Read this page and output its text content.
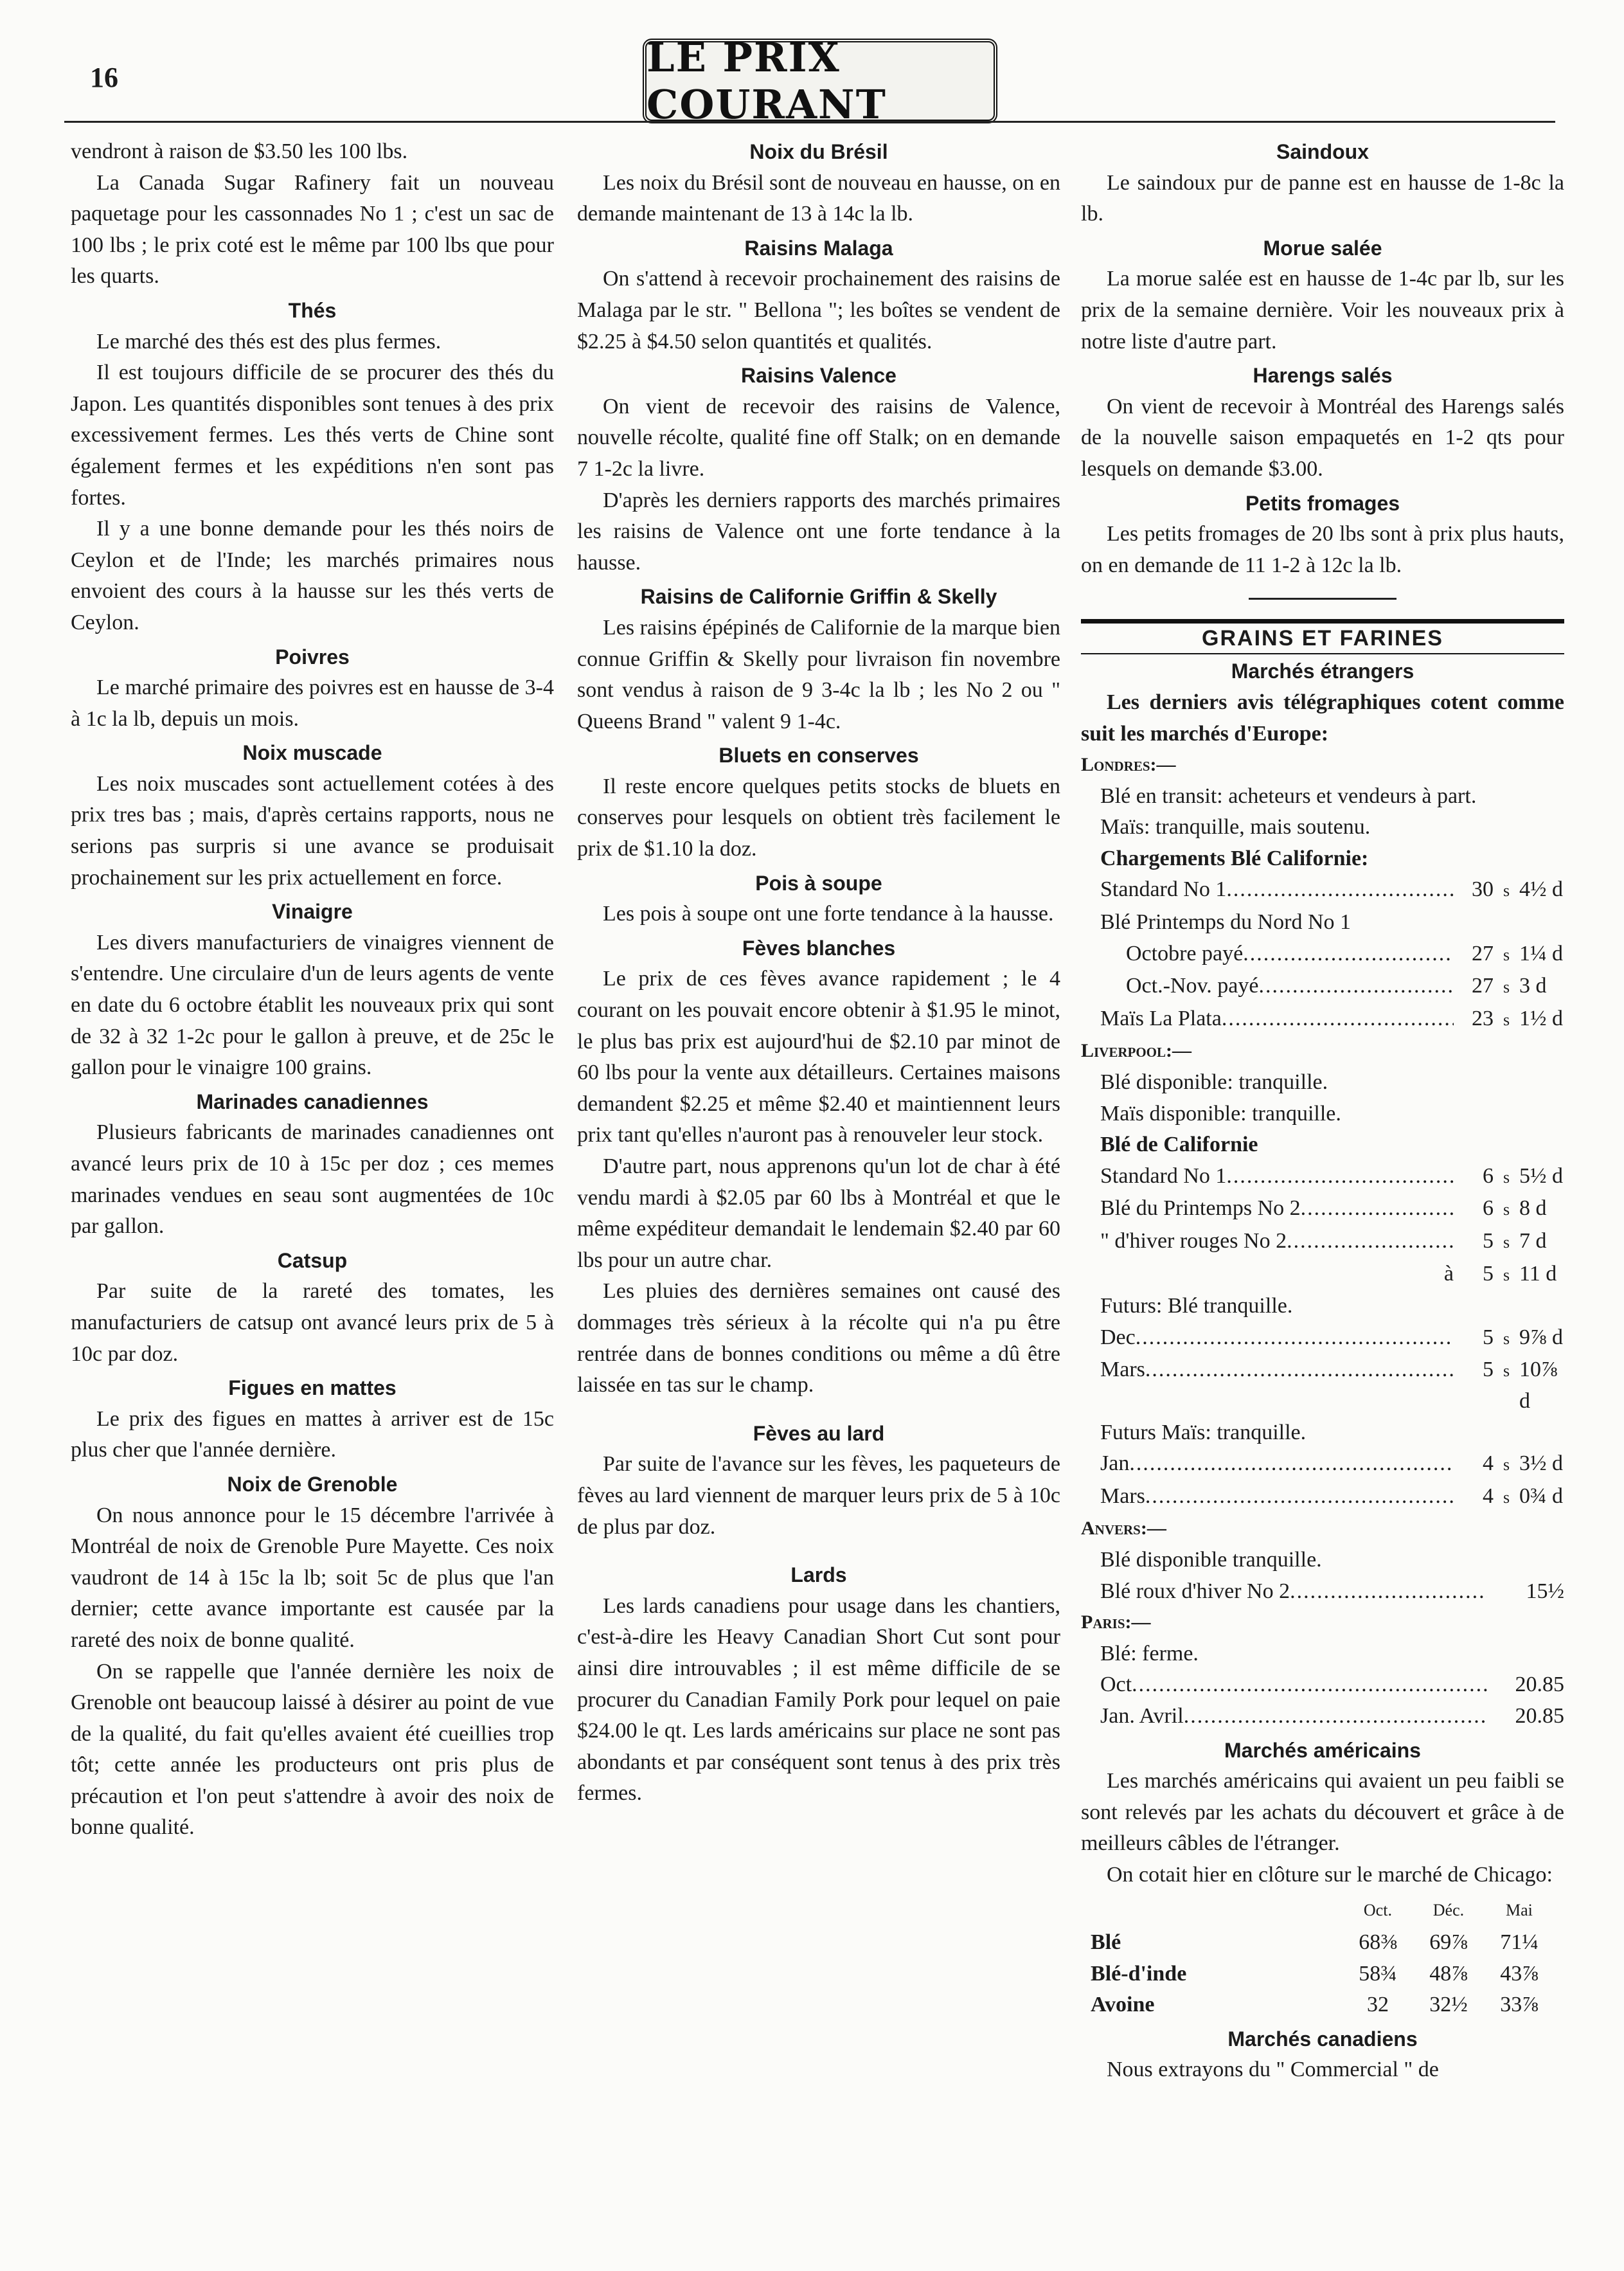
16	LE PRIX COURANT

vendront à raison de $3.50 les 100 lbs.

La Canada Sugar Rafinery fait un nouveau paquetage pour les cassonnades No 1 ; c'est un sac de 100 lbs ; le prix coté est le même par 100 lbs que pour les quarts.

Thés

Le marché des thés est des plus fermes.

Il est toujours difficile de se procurer des thés du Japon. Les quantités disponibles sont tenues à des prix excessivement fermes. Les thés verts de Chine sont également fermes et les expéditions n'en sont pas fortes.

Il y a une bonne demande pour les thés noirs de Ceylon et de l'Inde; les marchés primaires nous envoient des cours à la hausse sur les thés verts de Ceylon.

Poivres

Le marché primaire des poivres est en hausse de 3-4 à 1c la lb, depuis un mois.

Noix muscade

Les noix muscades sont actuellement cotées à des prix tres bas ; mais, d'après certains rapports, nous ne serions pas surpris si une avance se produisait prochainement sur les prix actuellement en force.

Vinaigre

Les divers manufacturiers de vinaigres viennent de s'entendre. Une circulaire d'un de leurs agents de vente en date du 6 octobre établit les nouveaux prix qui sont de 32 à 32 1-2c pour le gallon à preuve, et de 25c le gallon pour le vinaigre 100 grains.

Marinades canadiennes

Plusieurs fabricants de marinades canadiennes ont avancé leurs prix de 10 à 15c per doz ; ces memes marinades vendues en seau sont augmentées de 10c par gallon.

Catsup

Par suite de la rareté des tomates, les manufacturiers de catsup ont avancé leurs prix de 5 à 10c par doz.

Figues en mattes

Le prix des figues en mattes à arriver est de 15c plus cher que l'année dernière.

Noix de Grenoble

On nous annonce pour le 15 décembre l'arrivée à Montréal de noix de Grenoble Pure Mayette. Ces noix vaudront de 14 à 15c la lb; soit 5c de plus que l'an dernier; cette avance importante est causée par la rareté des noix de bonne qualité.

On se rappelle que l'année dernière les noix de Grenoble ont beaucoup laissé à désirer au point de vue de la qualité, du fait qu'elles avaient été cueillies trop tôt; cette année les producteurs ont pris plus de précaution et l'on peut s'attendre à avoir des noix de bonne qualité.

Noix du Brésil

Les noix du Brésil sont de nouveau en hausse, on en demande maintenant de 13 à 14c la lb.

Raisins Malaga

On s'attend à recevoir prochainement des raisins de Malaga par le str. " Bellona "; les boîtes se vendent de $2.25 à $4.50 selon quantités et qualités.

Raisins Valence

On vient de recevoir des raisins de Valence, nouvelle récolte, qualité fine off Stalk; on en demande 7 1-2c la livre.

D'après les derniers rapports des marchés primaires les raisins de Valence ont une forte tendance à la hausse.

Raisins de Californie Griffin & Skelly

Les raisins épépinés de Californie de la marque bien connue Griffin & Skelly pour livraison fin novembre sont vendus à raison de 9 3-4c la lb ; les No 2 ou " Queens Brand " valent 9 1-4c.

Bluets en conserves

Il reste encore quelques petits stocks de bluets en conserves pour lesquels on obtient très facilement le prix de $1.10 la doz.

Pois à soupe

Les pois à soupe ont une forte tendance à la hausse.

Fèves blanches

Le prix de ces fèves avance rapidement ; le 4 courant on les pouvait encore obtenir à $1.95 le minot, le plus bas prix est aujourd'hui de $2.10 par minot de 60 lbs pour la vente aux détailleurs. Certaines maisons demandent $2.25 et même $2.40 et maintiennent leurs prix tant qu'elles n'auront pas à renouveler leur stock.

D'autre part, nous apprenons qu'un lot de char à été vendu mardi à $2.05 par 60 lbs à Montréal et que le même expéditeur demandait le lendemain $2.40 par 60 lbs pour un autre char.

Les pluies des dernières semaines ont causé des dommages très sérieux à la récolte qui n'a pu être rentrée dans de bonnes conditions ou même a dû être laissée en tas sur le champ.

Fèves au lard

Par suite de l'avance sur les fèves, les paqueteurs de fèves au lard viennent de marquer leurs prix de 5 à 10c de plus par doz.

Lards

Les lards canadiens pour usage dans les chantiers, c'est-à-dire les Heavy Canadian Short Cut sont pour ainsi dire introuvables ; il est même difficile de se procurer du Canadian Family Pork pour lequel on paie $24.00 le qt. Les lards américains sur place ne sont pas abondants et par conséquent sont tenus à des prix très fermes.

Saindoux

Le saindoux pur de panne est en hausse de 1-8c la lb.

Morue salée

La morue salée est en hausse de 1-4c par lb, sur les prix de la semaine dernière. Voir les nouveaux prix à notre liste d'autre part.

Harengs salés

On vient de recevoir à Montréal des Harengs salés de la nouvelle saison empaquetés en 1-2 qts pour lesquels on demande $3.00.

Petits fromages

Les petits fromages de 20 lbs sont à prix plus hauts, on en demande de 11 1-2 à 12c la lb.

GRAINS ET FARINES
Marchés étrangers

Les derniers avis télégraphiques cotent comme suit les marchés d'Europe:

Londres:—

Blé en transit: acheteurs et vendeurs à part.

Maïs: tranquille, mais soutenu.

Chargements Blé Californie:

Standard No 1 .....	30 s 4½ d
Blé Printemps du Nord No 1
Octobre payé .....	27 s 1¼ d
Oct.-Nov. payé .....	27 s 3 d
Maïs La Plata .....	23 s 1½ d

Liverpool:—

Blé disponible: tranquille.

Maïs disponible: tranquille.

Blé de Californie

Standard No 1 .....	6 s 5½ d
Blé du Printemps No 2 .....	6 s 8 d
" d'hiver rouges No 2 .....	5 s 7 d
à	5 s 11 d

Futurs: Blé tranquille.

Dec .....	5 s 9⅞ d
Mars .....	5 s 10⅞ d

Futurs Maïs: tranquille.

Jan .....	4 s 3½ d
Mars .....	4 s 0¾ d

Anvers:—

Blé disponible tranquille.

Blé roux d'hiver No 2 .....	15½

Paris:—

Blé: ferme.

Oct .....	20.85
Jan. Avril .....	20.85
Marchés américains

Les marchés américains qui avaient un peu faibli se sont relevés par les achats du découvert et grâce à de meilleurs câbles de l'étranger.

On cotait hier en clôture sur le marché de Chicago:

	Oct.	Déc.	Mai
Blé	68⅜	69⅞	71¼
Blé-d'inde	58¾	48⅞	43⅞
Avoine	32	32½	33⅞
Marchés canadiens

Nous extrayons du " Commercial " de
